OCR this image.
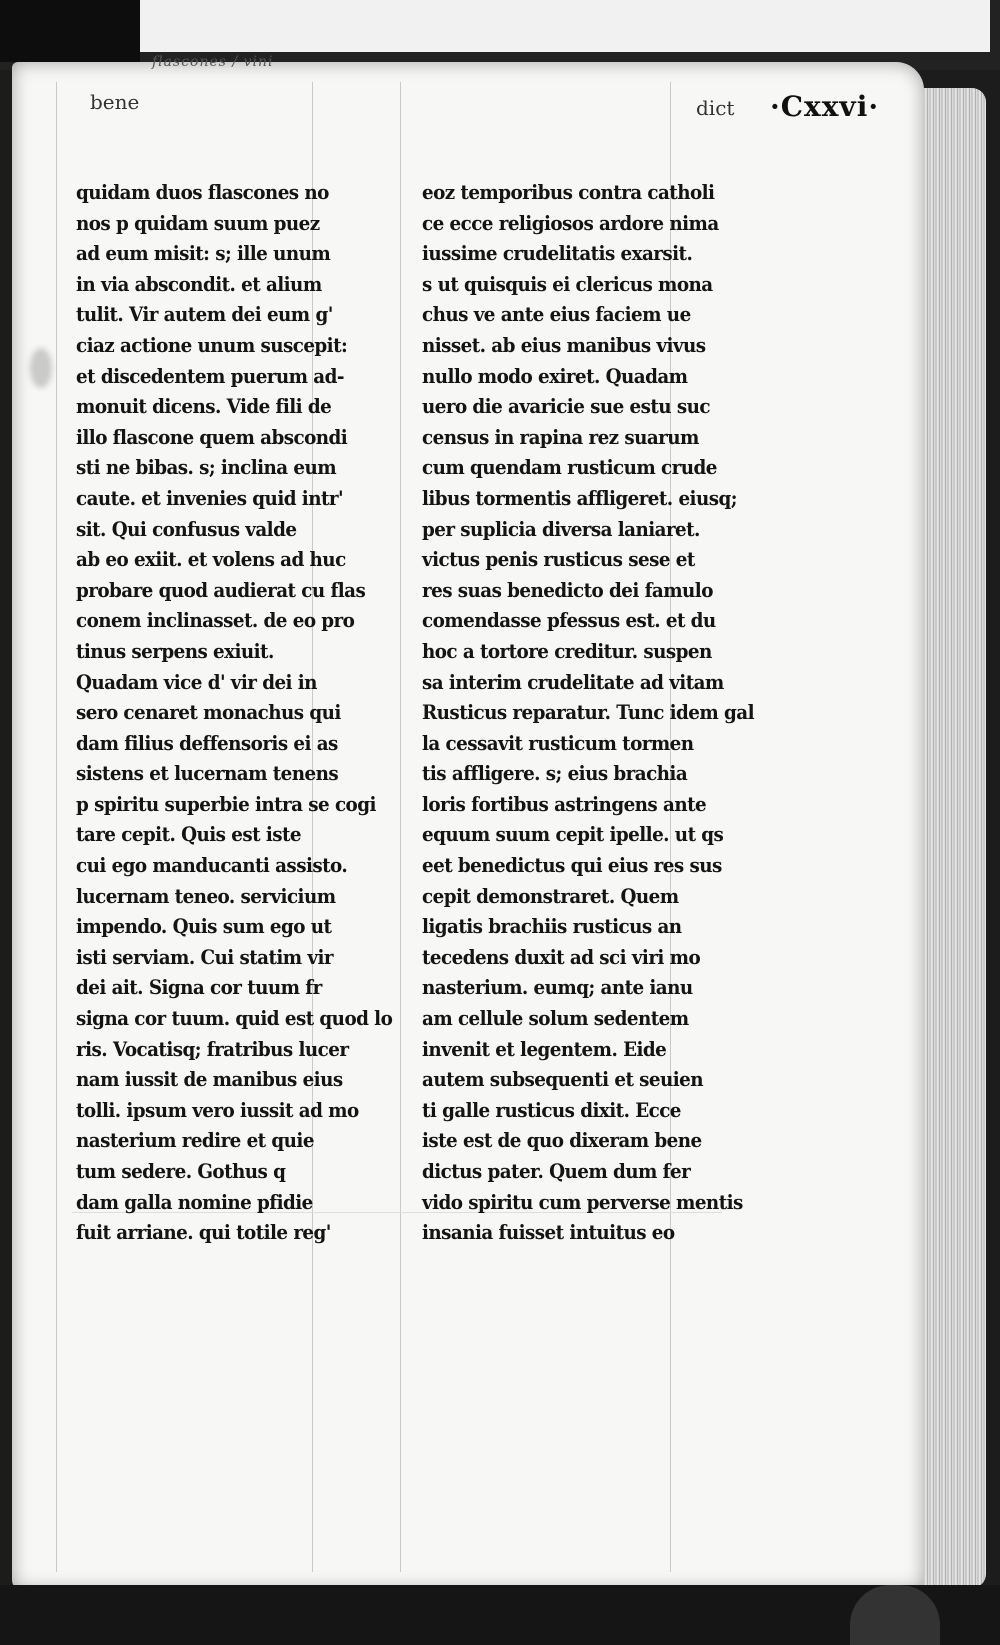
flascones / vini
bene	dict ·Cxxvi·
quidam duos flascones no
nos p quidam suum puez
ad eum misit: s; ille unum
in via abscondit. et alium
tulit. Vir autem dei eum g'
ciaz actione unum suscepit:
et discedentem puerum ad-
monuit dicens. Vide fili de
illo flascone quem abscondi
sti ne bibas. s; inclina eum
caute. et invenies quid intr'
sit. Qui confusus valde
ab eo exiit. et volens ad huc
probare quod audierat cu flas
conem inclinasset. de eo pro
tinus serpens exiuit.
Quadam vice d' vir dei in
sero cenaret monachus qui
dam filius deffensoris ei as
sistens et lucernam tenens
p spiritu superbie intra se cogi
tare cepit. Quis est iste
cui ego manducanti assisto.
lucernam teneo. servicium
impendo. Quis sum ego ut
isti serviam. Cui statim vir
dei ait. Signa cor tuum fr
signa cor tuum. quid est quod lo
ris. Vocatisq; fratribus lucer
nam iussit de manibus eius
tolli. ipsum vero iussit ad mo
nasterium redire et quie
tum sedere. Gothus q
dam galla nomine pfidie
fuit arriane. qui totile reg'
eoz temporibus contra catholi
ce ecce religiosos ardore nima
iussime crudelitatis exarsit.
s ut quisquis ei clericus mona
chus ve ante eius faciem ue
nisset. ab eius manibus vivus
nullo modo exiret. Quadam
uero die avaricie sue estu suc
census in rapina rez suarum
cum quendam rusticum crude
libus tormentis affligeret. eiusq;
per suplicia diversa laniaret.
victus penis rusticus sese et
res suas benedicto dei famulo
comendasse pfessus est. et du
hoc a tortore creditur. suspen
sa interim crudelitate ad vitam
Rusticus reparatur. Tunc idem gal
la cessavit rusticum tormen
tis affligere. s; eius brachia
loris fortibus astringens ante
equum suum cepit ipelle. ut qs
eet benedictus qui eius res sus
cepit demonstraret. Quem
ligatis brachiis rusticus an
tecedens duxit ad sci viri mo
nasterium. eumq; ante ianu
am cellule solum sedentem
invenit et legentem. Eide
autem subsequenti et seuien
ti galle rusticus dixit. Ecce
iste est de quo dixeram bene
dictus pater. Quem dum fer
vido spiritu cum perverse mentis
insania fuisset intuitus eo
